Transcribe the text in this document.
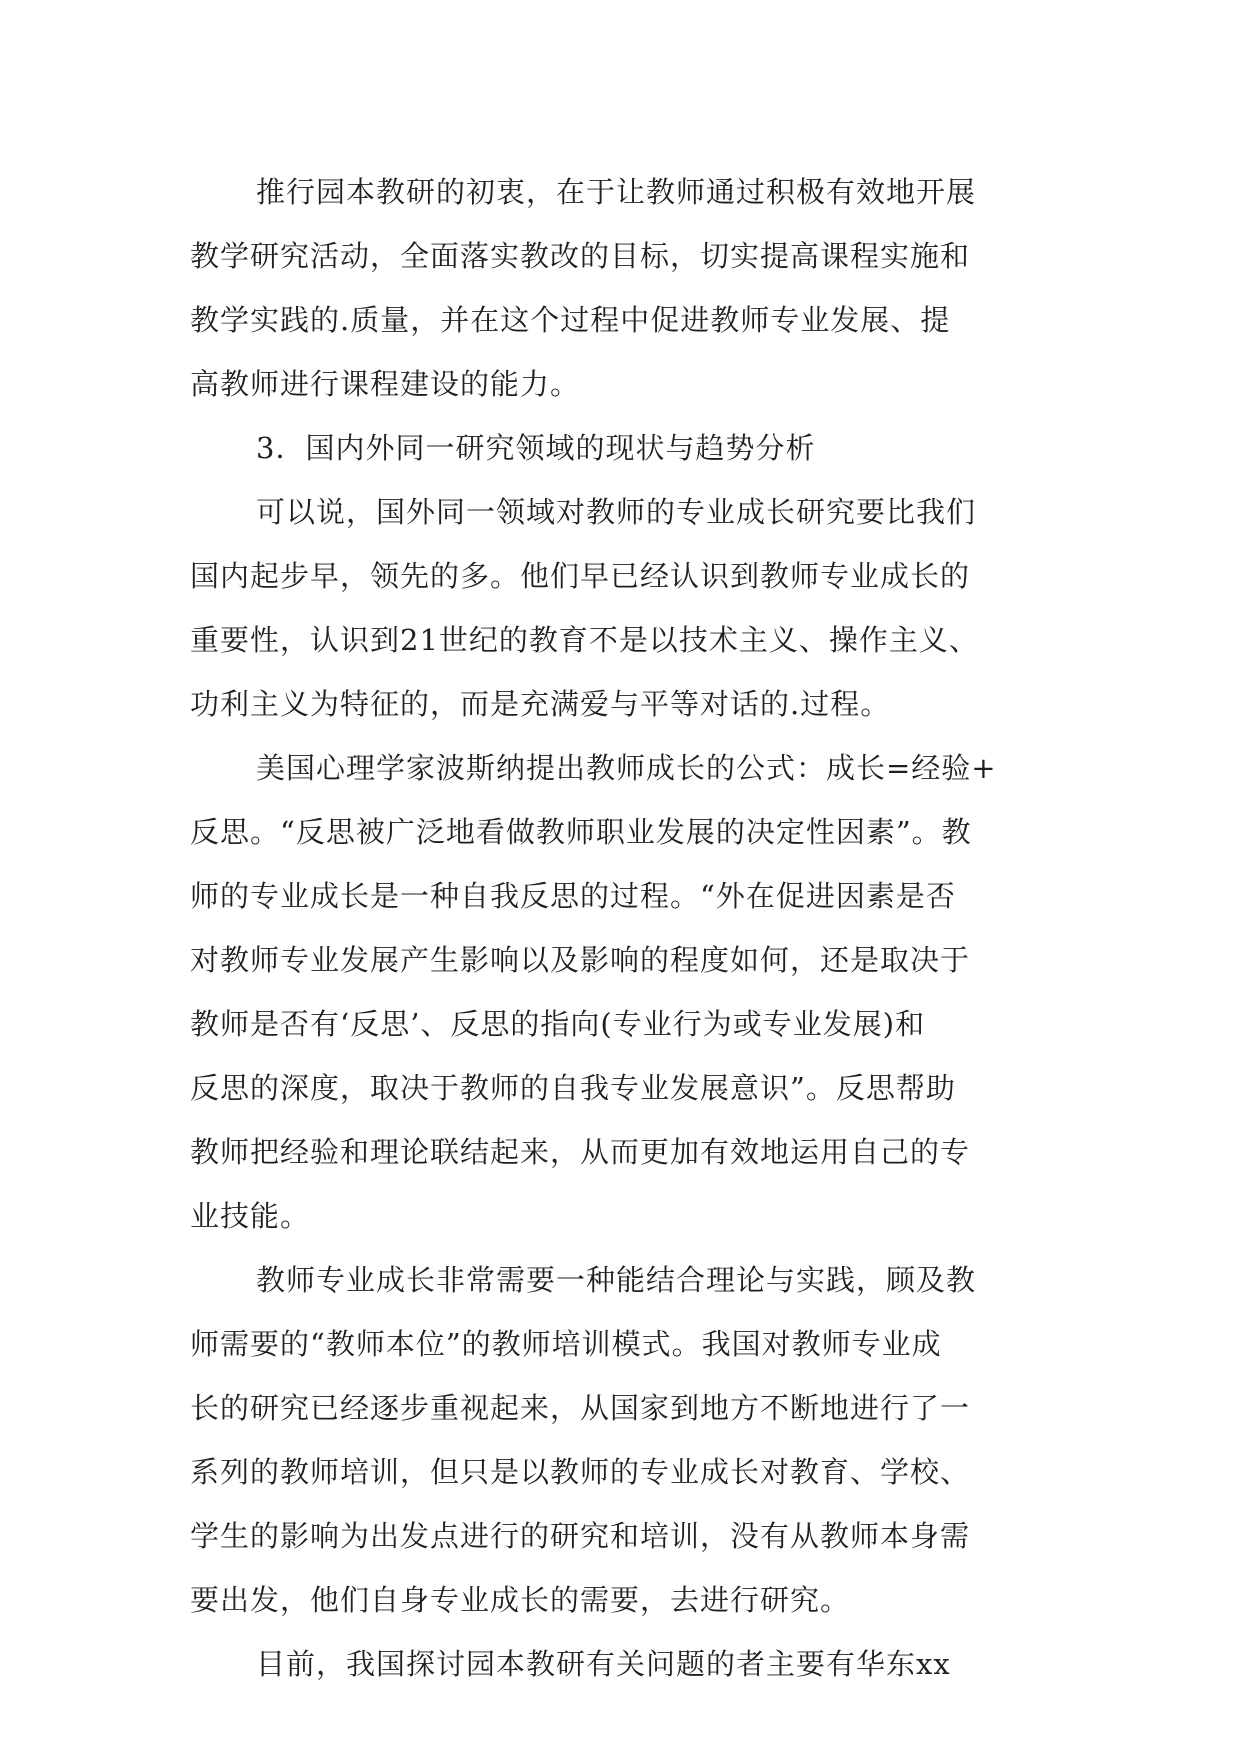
推行园本教研的初衷，在于让教师通过积极有效地开展
教学研究活动，全面落实教改的目标，切实提高课程实施和
教学实践的.质量，并在这个过程中促进教师专业发展、提
高教师进行课程建设的能力。
3．国内外同一研究领域的现状与趋势分析
可以说，国外同一领域对教师的专业成长研究要比我们
国内起步早，领先的多。他们早已经认识到教师专业成长的
重要性，认识到21世纪的教育不是以技术主义、操作主义、
功利主义为特征的，而是充满爱与平等对话的.过程。
美国心理学家波斯纳提出教师成长的公式：成长=经验+
反思。“反思被广泛地看做教师职业发展的决定性因素”。教
师的专业成长是一种自我反思的过程。“外在促进因素是否
对教师专业发展产生影响以及影响的程度如何，还是取决于
教师是否有‘反思’、反思的指向(专业行为或专业发展)和
反思的深度，取决于教师的自我专业发展意识”。反思帮助
教师把经验和理论联结起来，从而更加有效地运用自己的专
业技能。
教师专业成长非常需要一种能结合理论与实践，顾及教
师需要的“教师本位”的教师培训模式。我国对教师专业成
长的研究已经逐步重视起来，从国家到地方不断地进行了一
系列的教师培训，但只是以教师的专业成长对教育、学校、
学生的影响为出发点进行的研究和培训，没有从教师本身需
要出发，他们自身专业成长的需要，去进行研究。
目前，我国探讨园本教研有关问题的者主要有华东xx
